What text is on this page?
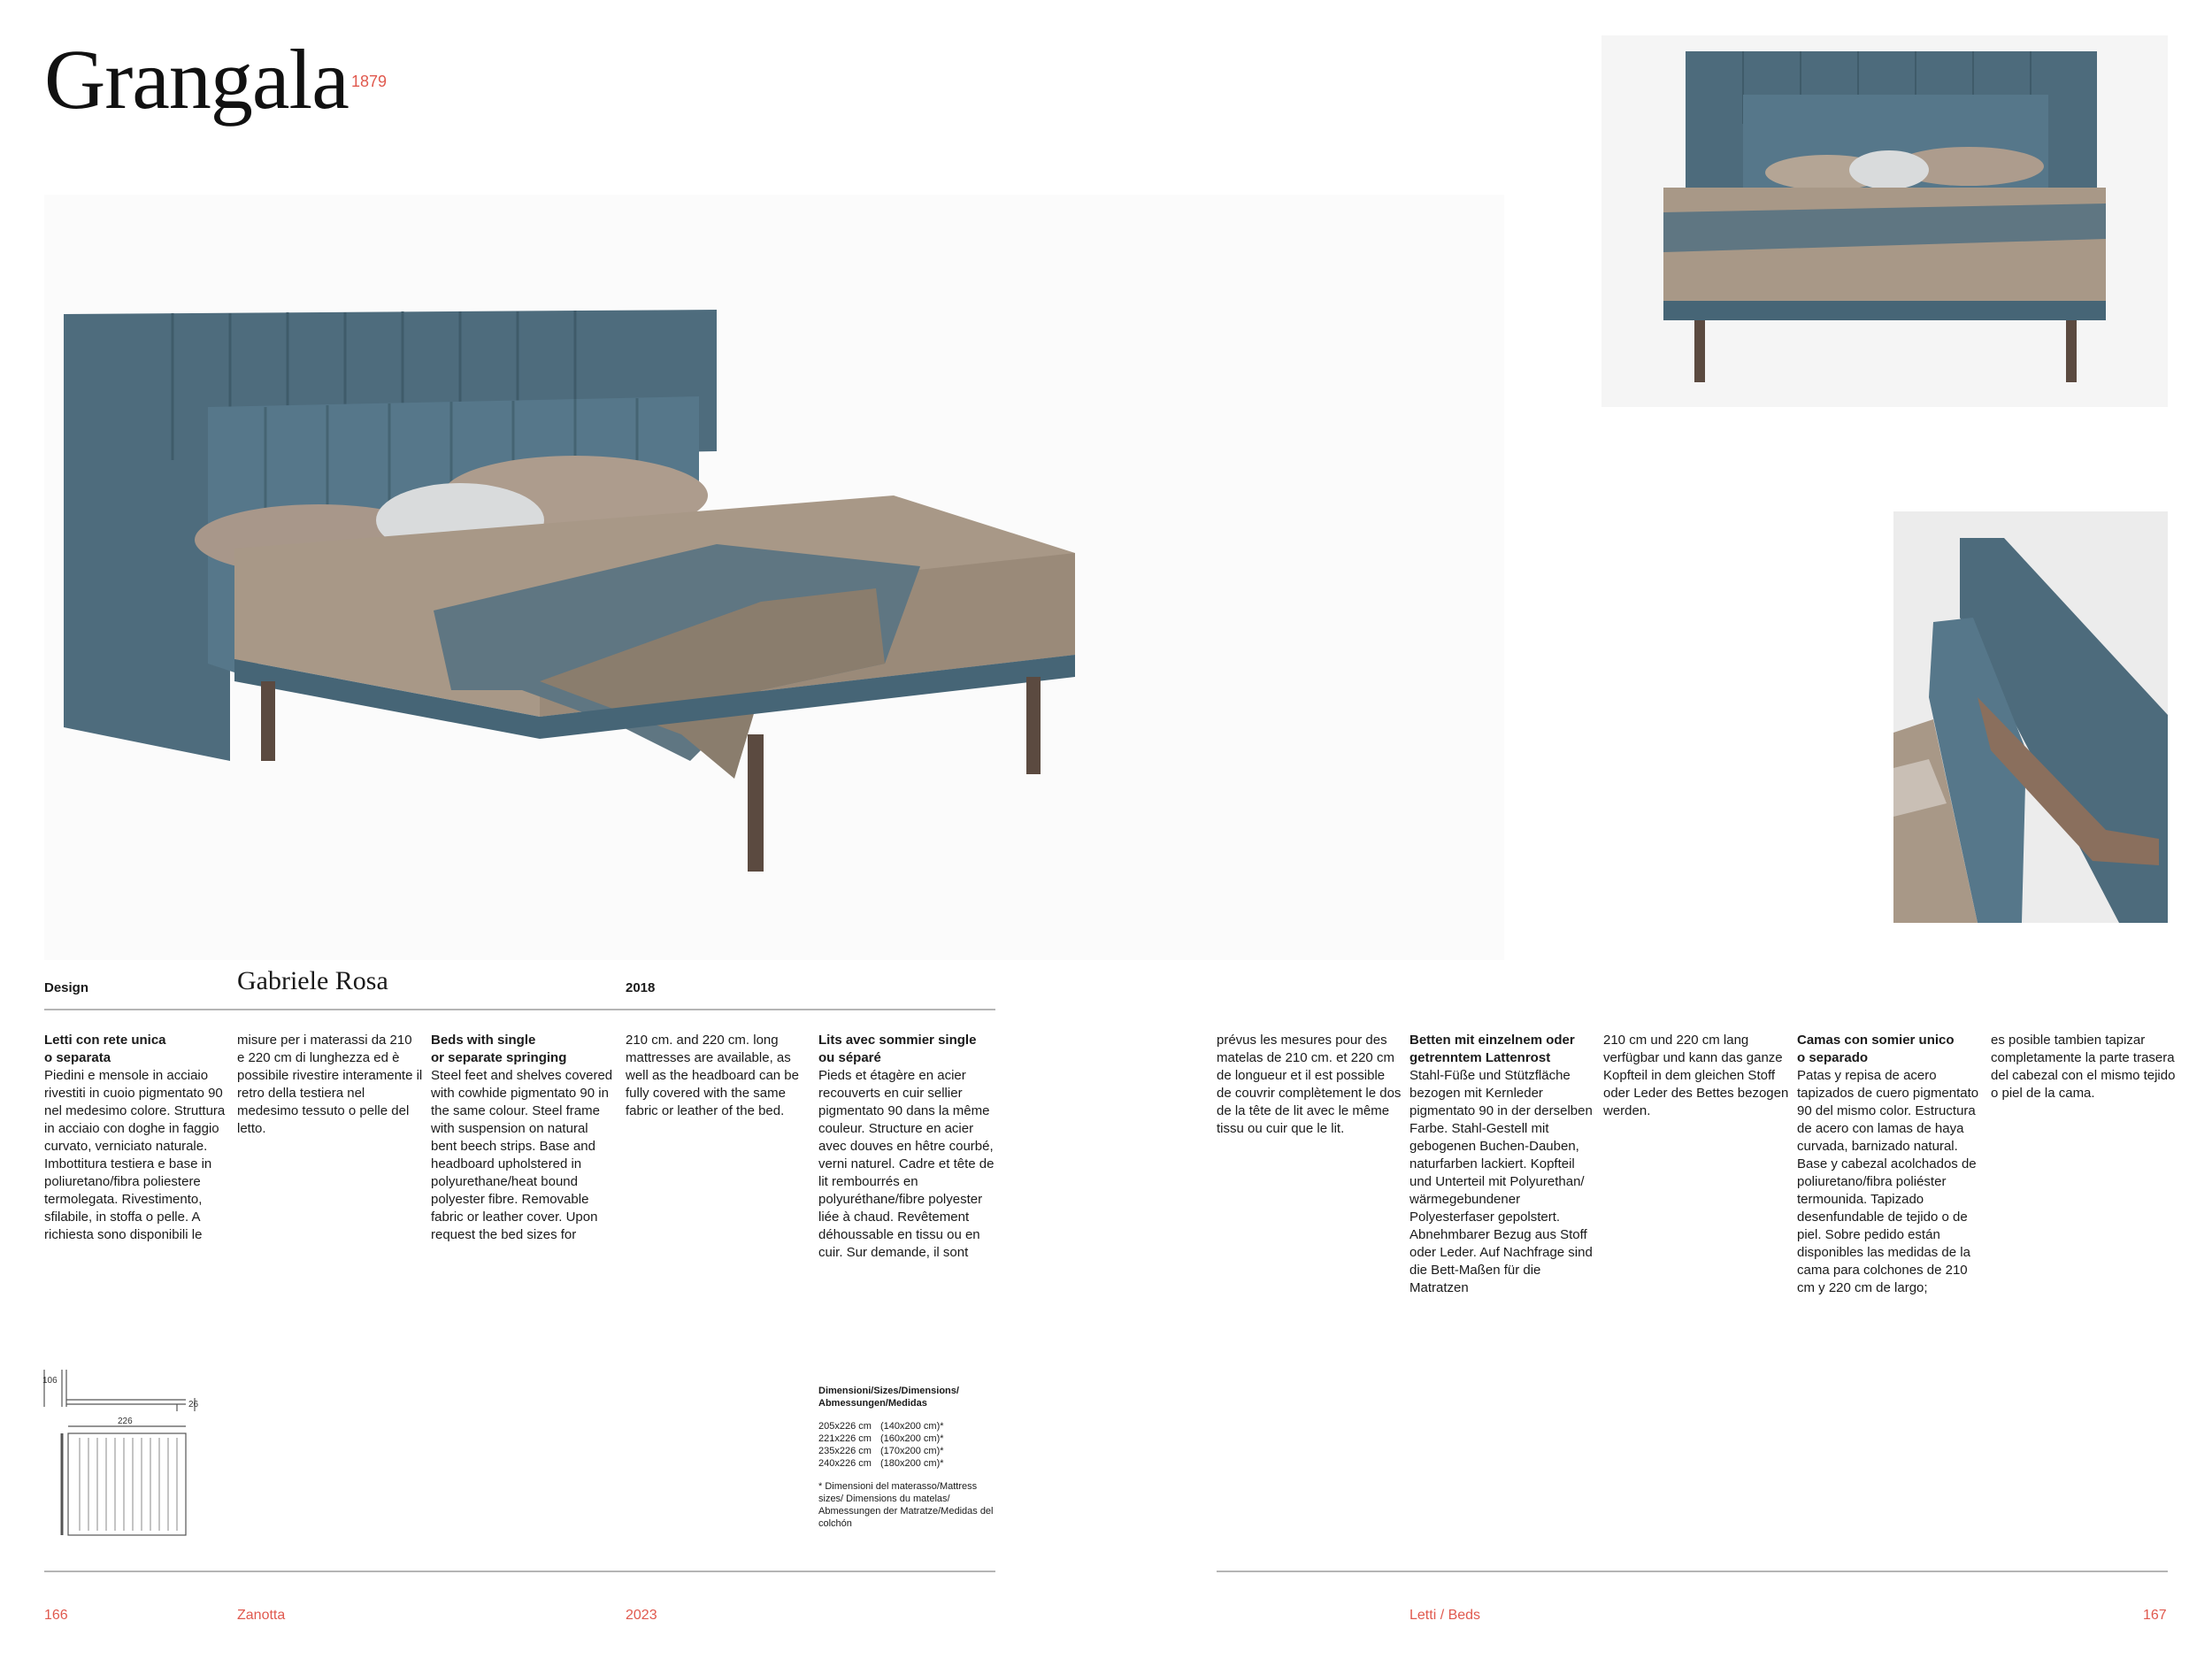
Grangala 1879
Design	Gabriele Rosa	2018
Letti con rete unica
o separata
Piedini e mensole in acciaio rivestiti in cuoio pigmentato 90 nel medesimo colore. Struttura in acciaio con doghe in faggio curvato, verniciato naturale. Imbottitura testiera e base in poliuretano/fibra poliestere termolegata. Rivestimento, sfilabile, in stoffa o pelle. A richiesta sono disponibili le
misure per i materassi da 210 e 220 cm di lunghezza ed è possibile rivestire interamente il retro della testiera nel medesimo tessuto o pelle del letto.
Beds with single
or separate springing
Steel feet and shelves covered with cowhide pigmentato 90 in the same colour. Steel frame with suspension on natural bent beech strips. Base and headboard upholstered in polyurethane/heat bound polyester fibre. Removable fabric or leather cover. Upon request the bed sizes for
210 cm. and 220 cm. long mattresses are available, as well as the headboard can be fully covered with the same fabric or leather of the bed.
Lits avec sommier single
ou séparé
Pieds et étagère en acier recouverts en cuir sellier pigmentato 90 dans la même couleur. Structure en acier avec douves en hêtre courbé, verni naturel. Cadre et tête de lit rembourrés en polyuréthane/fibre polyester liée à chaud. Revêtement déhoussable en tissu ou en cuir. Sur demande, il sont
prévus les mesures pour des matelas de 210 cm. et 220 cm de longueur et il est possible de couvrir complètement le dos de la tête de lit avec le même tissu ou cuir que le lit.
Betten mit einzelnem oder
getrenntem Lattenrost
Stahl-Füße und Stützfläche bezogen mit Kernleder pigmentato 90 in der derselben Farbe. Stahl-Gestell mit gebogenen Buchen-Dauben, naturfarben lackiert. Kopfteil und Unterteil mit Polyurethan/ wärmegebundener Polyesterfaser gepolstert. Abnehmbarer Bezug aus Stoff oder Leder. Auf Nachfrage sind die Bett-Maßen für die Matratzen
210 cm und 220 cm lang verfügbar und kann das ganze Kopfteil in dem gleichen Stoff oder Leder des Bettes bezogen werden.
Camas con somier unico
o separado
Patas y repisa de acero tapizados de cuero pigmentato 90 del mismo color. Estructura de acero con lamas de haya curvada, barnizado natural. Base y cabezal acolchados de poliuretano/fibra poliéster termounida. Tapizado desenfundable de tejido o de piel. Sobre pedido están disponibles las medidas de la cama para colchones de 210 cm y 220 cm de largo;
es posible tambien tapizar completamente la parte trasera del cabezal con el mismo tejido o piel de la cama.
106
26
226
Dimensioni/Sizes/Dimensions/
Abmessungen/Medidas
205x226 cm (140x200 cm)*
221x226 cm (160x200 cm)*
235x226 cm (170x200 cm)*
240x226 cm (180x200 cm)*
* Dimensioni del materasso/Mattress sizes/ Dimensions du matelas/ Abmessungen der Matratze/Medidas del colchón
166	Zanotta	2023	Letti / Beds	167
